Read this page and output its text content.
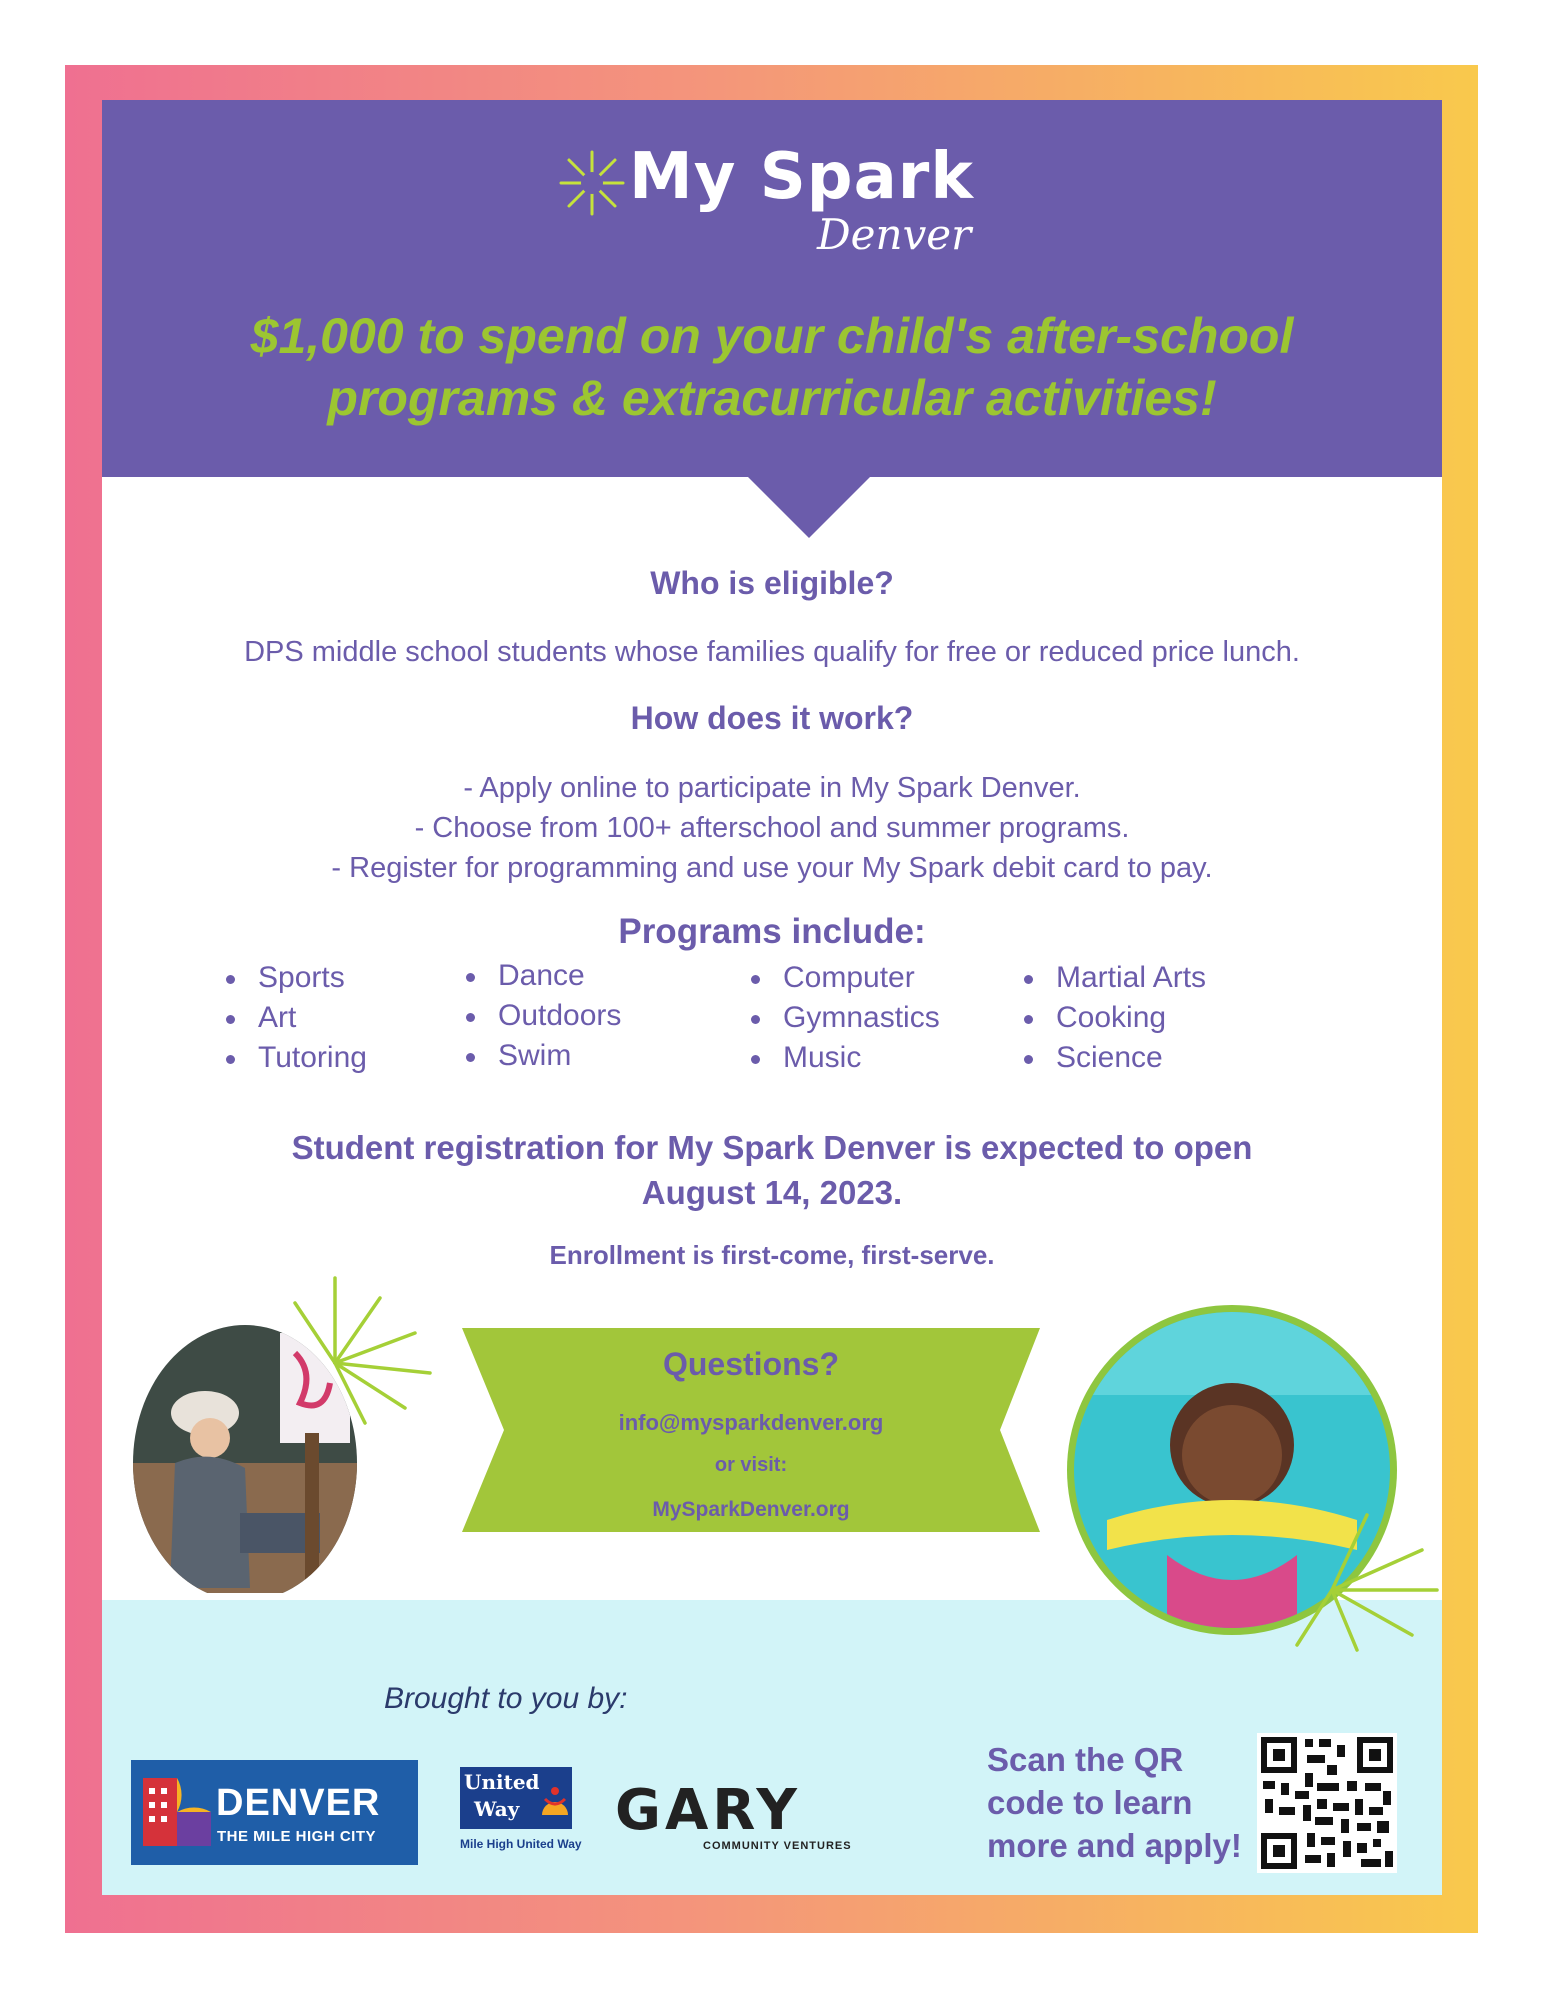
My Spark
Denver

$1,000 to spend on your child's after-school
programs & extracurricular activities!

Who is eligible?

DPS middle school students whose families qualify for free or reduced price lunch.

How does it work?
- Apply online to participate in My Spark Denver.
- Choose from 100+ afterschool and summer programs.
- Register for programming and use your My Spark debit card to pay.
Programs include:
Sports
Art
Tutoring
Dance
Outdoors
Swim
Computer
Gymnastics
Music
Martial Arts
Cooking
Science

Student registration for My Spark Denver is expected to open
August 14, 2023.

Enrollment is first-come, first-serve.

Questions?
info@mysparkdenver.org
or visit:
MySparkDenver.org

Brought to you by:

DENVER
THE MILE HIGH CITY
United
Way
Mile High United Way
GARY
COMMUNITY VENTURES

Scan the QR
code to learn
more and apply!
